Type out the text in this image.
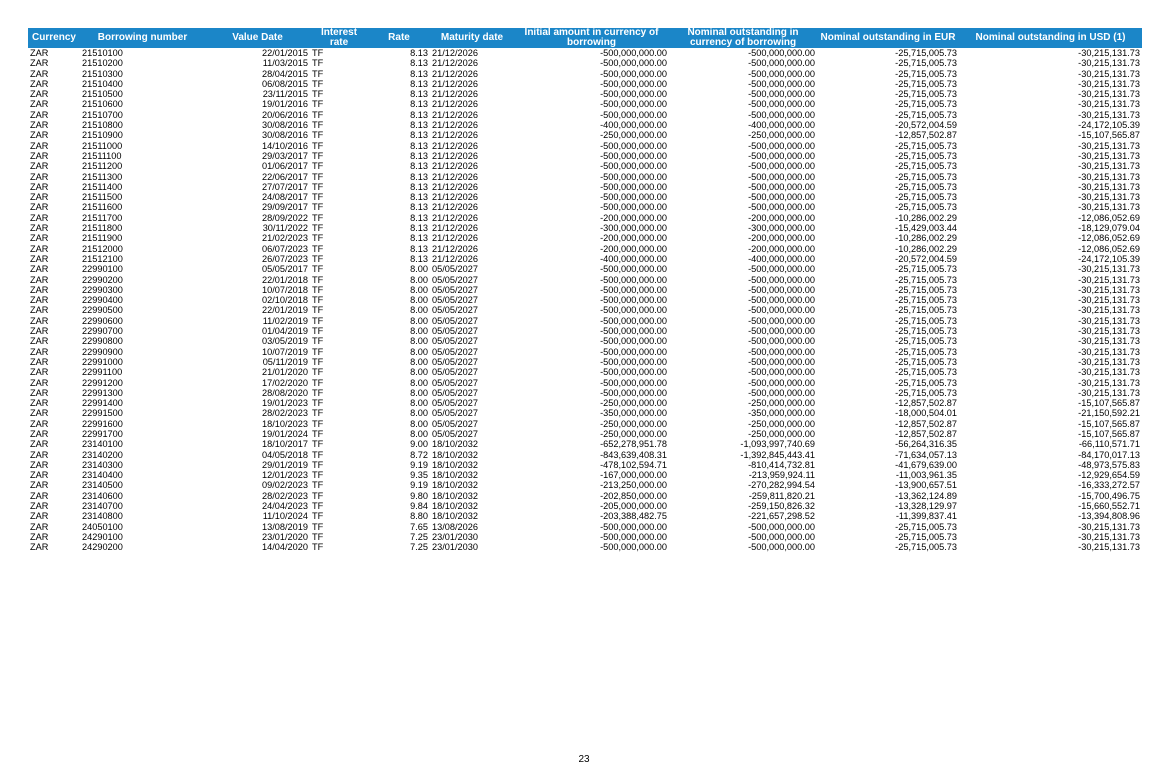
Currency	Borrowing number	Value Date	Interest rate	Rate	Maturity date	Initial amount in currency of borrowing	Nominal outstanding in currency of borrowing	Nominal outstanding in EUR	Nominal outstanding in USD (1)
ZAR	21510100	22/01/2015	TF	8.13	21/12/2026	-500,000,000.00	-500,000,000.00	-25,715,005.73	-30,215,131.73
ZAR	21510200	11/03/2015	TF	8.13	21/12/2026	-500,000,000.00	-500,000,000.00	-25,715,005.73	-30,215,131.73
ZAR	21510300	28/04/2015	TF	8.13	21/12/2026	-500,000,000.00	-500,000,000.00	-25,715,005.73	-30,215,131.73
ZAR	21510400	06/08/2015	TF	8.13	21/12/2026	-500,000,000.00	-500,000,000.00	-25,715,005.73	-30,215,131.73
ZAR	21510500	23/11/2015	TF	8.13	21/12/2026	-500,000,000.00	-500,000,000.00	-25,715,005.73	-30,215,131.73
ZAR	21510600	19/01/2016	TF	8.13	21/12/2026	-500,000,000.00	-500,000,000.00	-25,715,005.73	-30,215,131.73
ZAR	21510700	20/06/2016	TF	8.13	21/12/2026	-500,000,000.00	-500,000,000.00	-25,715,005.73	-30,215,131.73
ZAR	21510800	30/08/2016	TF	8.13	21/12/2026	-400,000,000.00	-400,000,000.00	-20,572,004.59	-24,172,105.39
ZAR	21510900	30/08/2016	TF	8.13	21/12/2026	-250,000,000.00	-250,000,000.00	-12,857,502.87	-15,107,565.87
ZAR	21511000	14/10/2016	TF	8.13	21/12/2026	-500,000,000.00	-500,000,000.00	-25,715,005.73	-30,215,131.73
ZAR	21511100	29/03/2017	TF	8.13	21/12/2026	-500,000,000.00	-500,000,000.00	-25,715,005.73	-30,215,131.73
ZAR	21511200	01/06/2017	TF	8.13	21/12/2026	-500,000,000.00	-500,000,000.00	-25,715,005.73	-30,215,131.73
ZAR	21511300	22/06/2017	TF	8.13	21/12/2026	-500,000,000.00	-500,000,000.00	-25,715,005.73	-30,215,131.73
ZAR	21511400	27/07/2017	TF	8.13	21/12/2026	-500,000,000.00	-500,000,000.00	-25,715,005.73	-30,215,131.73
ZAR	21511500	24/08/2017	TF	8.13	21/12/2026	-500,000,000.00	-500,000,000.00	-25,715,005.73	-30,215,131.73
ZAR	21511600	29/09/2017	TF	8.13	21/12/2026	-500,000,000.00	-500,000,000.00	-25,715,005.73	-30,215,131.73
ZAR	21511700	28/09/2022	TF	8.13	21/12/2026	-200,000,000.00	-200,000,000.00	-10,286,002.29	-12,086,052.69
ZAR	21511800	30/11/2022	TF	8.13	21/12/2026	-300,000,000.00	-300,000,000.00	-15,429,003.44	-18,129,079.04
ZAR	21511900	21/02/2023	TF	8.13	21/12/2026	-200,000,000.00	-200,000,000.00	-10,286,002.29	-12,086,052.69
ZAR	21512000	06/07/2023	TF	8.13	21/12/2026	-200,000,000.00	-200,000,000.00	-10,286,002.29	-12,086,052.69
ZAR	21512100	26/07/2023	TF	8.13	21/12/2026	-400,000,000.00	-400,000,000.00	-20,572,004.59	-24,172,105.39
ZAR	22990100	05/05/2017	TF	8.00	05/05/2027	-500,000,000.00	-500,000,000.00	-25,715,005.73	-30,215,131.73
ZAR	22990200	22/01/2018	TF	8.00	05/05/2027	-500,000,000.00	-500,000,000.00	-25,715,005.73	-30,215,131.73
ZAR	22990300	10/07/2018	TF	8.00	05/05/2027	-500,000,000.00	-500,000,000.00	-25,715,005.73	-30,215,131.73
ZAR	22990400	02/10/2018	TF	8.00	05/05/2027	-500,000,000.00	-500,000,000.00	-25,715,005.73	-30,215,131.73
ZAR	22990500	22/01/2019	TF	8.00	05/05/2027	-500,000,000.00	-500,000,000.00	-25,715,005.73	-30,215,131.73
ZAR	22990600	11/02/2019	TF	8.00	05/05/2027	-500,000,000.00	-500,000,000.00	-25,715,005.73	-30,215,131.73
ZAR	22990700	01/04/2019	TF	8.00	05/05/2027	-500,000,000.00	-500,000,000.00	-25,715,005.73	-30,215,131.73
ZAR	22990800	03/05/2019	TF	8.00	05/05/2027	-500,000,000.00	-500,000,000.00	-25,715,005.73	-30,215,131.73
ZAR	22990900	10/07/2019	TF	8.00	05/05/2027	-500,000,000.00	-500,000,000.00	-25,715,005.73	-30,215,131.73
ZAR	22991000	05/11/2019	TF	8.00	05/05/2027	-500,000,000.00	-500,000,000.00	-25,715,005.73	-30,215,131.73
ZAR	22991100	21/01/2020	TF	8.00	05/05/2027	-500,000,000.00	-500,000,000.00	-25,715,005.73	-30,215,131.73
ZAR	22991200	17/02/2020	TF	8.00	05/05/2027	-500,000,000.00	-500,000,000.00	-25,715,005.73	-30,215,131.73
ZAR	22991300	28/08/2020	TF	8.00	05/05/2027	-500,000,000.00	-500,000,000.00	-25,715,005.73	-30,215,131.73
ZAR	22991400	19/01/2023	TF	8.00	05/05/2027	-250,000,000.00	-250,000,000.00	-12,857,502.87	-15,107,565.87
ZAR	22991500	28/02/2023	TF	8.00	05/05/2027	-350,000,000.00	-350,000,000.00	-18,000,504.01	-21,150,592.21
ZAR	22991600	18/10/2023	TF	8.00	05/05/2027	-250,000,000.00	-250,000,000.00	-12,857,502.87	-15,107,565.87
ZAR	22991700	19/01/2024	TF	8.00	05/05/2027	-250,000,000.00	-250,000,000.00	-12,857,502.87	-15,107,565.87
ZAR	23140100	18/10/2017	TF	9.00	18/10/2032	-652,278,951.78	-1,093,997,740.69	-56,264,316.35	-66,110,571.71
ZAR	23140200	04/05/2018	TF	8.72	18/10/2032	-843,639,408.31	-1,392,845,443.41	-71,634,057.13	-84,170,017.13
ZAR	23140300	29/01/2019	TF	9.19	18/10/2032	-478,102,594.71	-810,414,732.81	-41,679,639.00	-48,973,575.83
ZAR	23140400	12/01/2023	TF	9.35	18/10/2032	-167,000,000.00	-213,959,924.11	-11,003,961.35	-12,929,654.59
ZAR	23140500	09/02/2023	TF	9.19	18/10/2032	-213,250,000.00	-270,282,994.54	-13,900,657.51	-16,333,272.57
ZAR	23140600	28/02/2023	TF	9.80	18/10/2032	-202,850,000.00	-259,811,820.21	-13,362,124.89	-15,700,496.75
ZAR	23140700	24/04/2023	TF	9.84	18/10/2032	-205,000,000.00	-259,150,826.32	-13,328,129.97	-15,660,552.71
ZAR	23140800	11/10/2024	TF	8.80	18/10/2032	-203,388,482.75	-221,657,298.52	-11,399,837.41	-13,394,808.96
ZAR	24050100	13/08/2019	TF	7.65	13/08/2026	-500,000,000.00	-500,000,000.00	-25,715,005.73	-30,215,131.73
ZAR	24290100	23/01/2020	TF	7.25	23/01/2030	-500,000,000.00	-500,000,000.00	-25,715,005.73	-30,215,131.73
ZAR	24290200	14/04/2020	TF	7.25	23/01/2030	-500,000,000.00	-500,000,000.00	-25,715,005.73	-30,215,131.73
23
